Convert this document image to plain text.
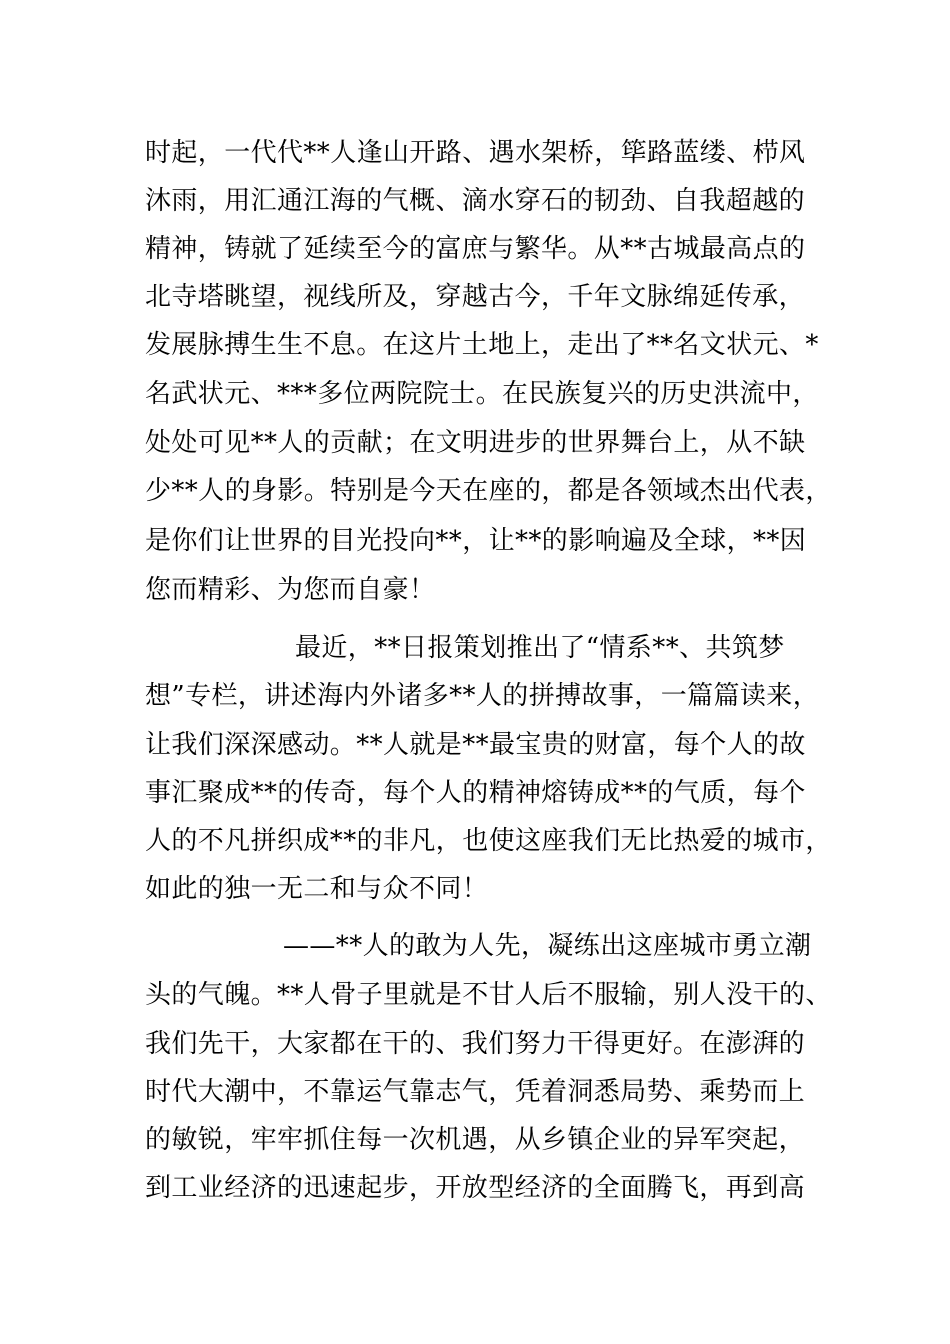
时起，一代代**人逢山开路、遇水架桥，筚路蓝缕、栉风
沐雨，用汇通江海的气概、滴水穿石的韧劲、自我超越的
精神，铸就了延续至今的富庶与繁华。从**古城最高点的
北寺塔眺望，视线所及，穿越古今，千年文脉绵延传承，
发展脉搏生生不息。在这片土地上，走出了**名文状元、*
名武状元、***多位两院院士。在民族复兴的历史洪流中，
处处可见**人的贡献；在文明进步的世界舞台上，从不缺
少**人的身影。特别是今天在座的，都是各领域杰出代表，
是你们让世界的目光投向**，让**的影响遍及全球，**因
您而精彩、为您而自豪！
最近，**日报策划推出了“情系**、共筑梦
想”专栏，讲述海内外诸多**人的拼搏故事，一篇篇读来，
让我们深深感动。**人就是**最宝贵的财富，每个人的故
事汇聚成**的传奇，每个人的精神熔铸成**的气质，每个
人的不凡拼织成**的非凡，也使这座我们无比热爱的城市，
如此的独一无二和与众不同！
——**人的敢为人先，凝练出这座城市勇立潮
头的气魄。**人骨子里就是不甘人后不服输，别人没干的、
我们先干，大家都在干的、我们努力干得更好。在澎湃的
时代大潮中，不靠运气靠志气，凭着洞悉局势、乘势而上
的敏锐，牢牢抓住每一次机遇，从乡镇企业的异军突起，
到工业经济的迅速起步，开放型经济的全面腾飞，再到高
